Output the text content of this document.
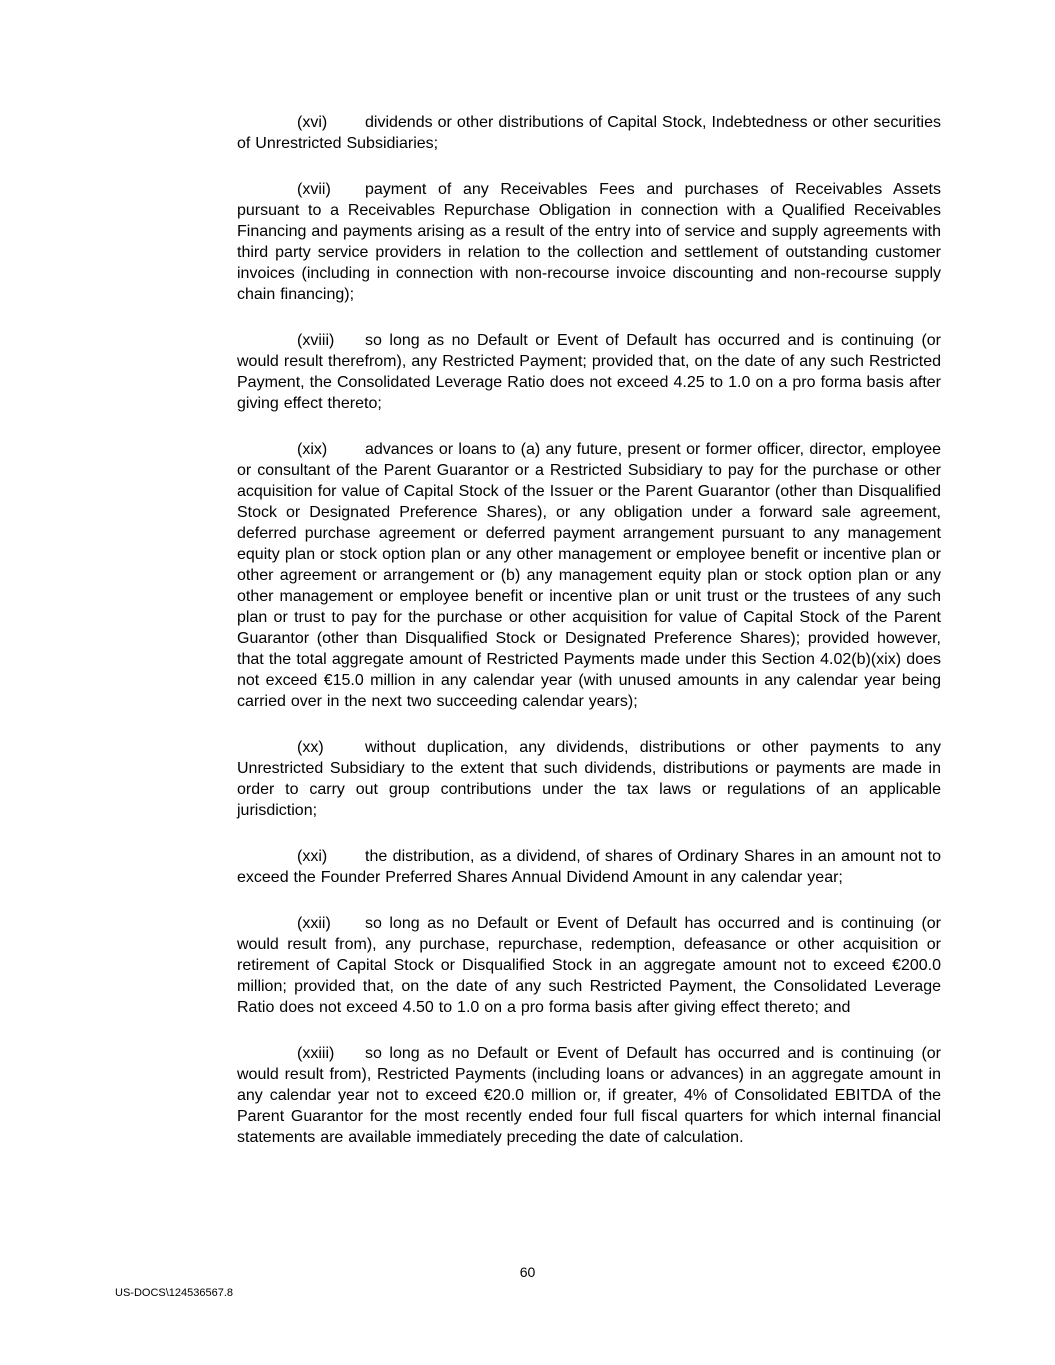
(xvi) dividends or other distributions of Capital Stock, Indebtedness or other securities of Unrestricted Subsidiaries;

(xvii) payment of any Receivables Fees and purchases of Receivables Assets pursuant to a Receivables Repurchase Obligation in connection with a Qualified Receivables Financing and payments arising as a result of the entry into of service and supply agreements with third party service providers in relation to the collection and settlement of outstanding customer invoices (including in connection with non-recourse invoice discounting and non-recourse supply chain financing);

(xviii) so long as no Default or Event of Default has occurred and is continuing (or would result therefrom), any Restricted Payment; provided that, on the date of any such Restricted Payment, the Consolidated Leverage Ratio does not exceed 4.25 to 1.0 on a pro forma basis after giving effect thereto;

(xix) advances or loans to (a) any future, present or former officer, director, employee or consultant of the Parent Guarantor or a Restricted Subsidiary to pay for the purchase or other acquisition for value of Capital Stock of the Issuer or the Parent Guarantor (other than Disqualified Stock or Designated Preference Shares), or any obligation under a forward sale agreement, deferred purchase agreement or deferred payment arrangement pursuant to any management equity plan or stock option plan or any other management or employee benefit or incentive plan or other agreement or arrangement or (b) any management equity plan or stock option plan or any other management or employee benefit or incentive plan or unit trust or the trustees of any such plan or trust to pay for the purchase or other acquisition for value of Capital Stock of the Parent Guarantor (other than Disqualified Stock or Designated Preference Shares); provided however, that the total aggregate amount of Restricted Payments made under this Section 4.02(b)(xix) does not exceed €15.0 million in any calendar year (with unused amounts in any calendar year being carried over in the next two succeeding calendar years);

(xx)	without duplication, any dividends, distributions or other payments to any Unrestricted Subsidiary to the extent that such dividends, distributions or payments are made in order to carry out group contributions under the tax laws or regulations of an applicable jurisdiction;

(xxi) the distribution, as a dividend, of shares of Ordinary Shares in an amount not to exceed the Founder Preferred Shares Annual Dividend Amount in any calendar year;

(xxii) so long as no Default or Event of Default has occurred and is continuing (or would result from), any purchase, repurchase, redemption, defeasance or other acquisition or retirement of Capital Stock or Disqualified Stock in an aggregate amount not to exceed €200.0 million; provided that, on the date of any such Restricted Payment, the Consolidated Leverage Ratio does not exceed 4.50 to 1.0 on a pro forma basis after giving effect thereto; and

(xxiii) so long as no Default or Event of Default has occurred and is continuing (or would result from), Restricted Payments (including loans or advances) in an aggregate amount in any calendar year not to exceed €20.0 million or, if greater, 4% of Consolidated EBITDA of the Parent Guarantor for the most recently ended four full fiscal quarters for which internal financial statements are available immediately preceding the date of calculation.

60
US-DOCS\124536567.8
